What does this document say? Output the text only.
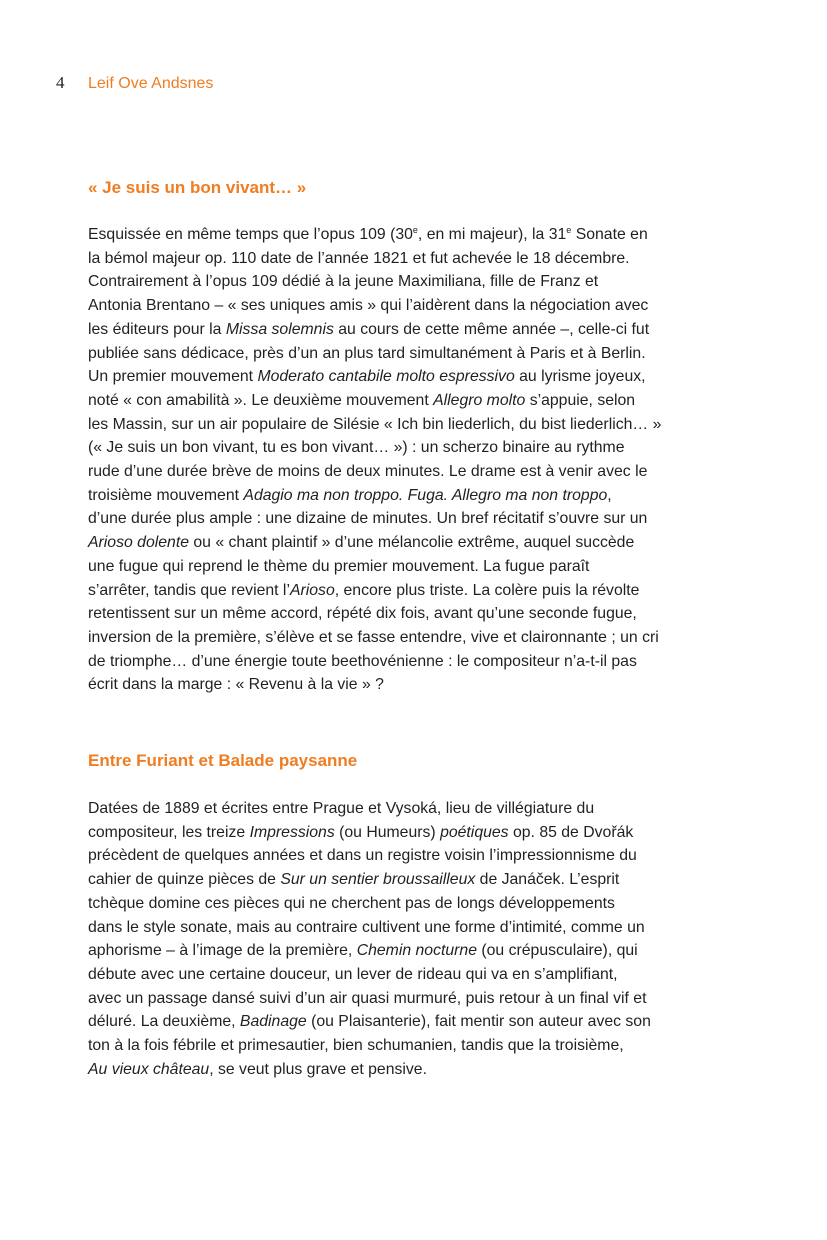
4 Leif Ove Andsnes
« Je suis un bon vivant… »
Esquissée en même temps que l’opus 109 (30e, en mi majeur), la 31e Sonate en
la bémol majeur op. 110 date de l’année 1821 et fut achevée le 18 décembre.
Contrairement à l’opus 109 dédié à la jeune Maximiliana, fille de Franz et
Antonia Brentano – « ses uniques amis » qui l’aidèrent dans la négociation avec
les éditeurs pour la Missa solemnis au cours de cette même année –, celle-ci fut
publiée sans dédicace, près d’un an plus tard simultanément à Paris et à Berlin.
Un premier mouvement Moderato cantabile molto espressivo au lyrisme joyeux,
noté « con amabilità ». Le deuxième mouvement Allegro molto s’appuie, selon
les Massin, sur un air populaire de Silésie « Ich bin liederlich, du bist liederlich… »
(« Je suis un bon vivant, tu es bon vivant… ») : un scherzo binaire au rythme
rude d’une durée brève de moins de deux minutes. Le drame est à venir avec le
troisième mouvement Adagio ma non troppo. Fuga. Allegro ma non troppo,
d’une durée plus ample : une dizaine de minutes. Un bref récitatif s’ouvre sur un
Arioso dolente ou « chant plaintif » d’une mélancolie extrême, auquel succède
une fugue qui reprend le thème du premier mouvement. La fugue paraît
s’arrêter, tandis que revient l’Arioso, encore plus triste. La colère puis la révolte
retentissent sur un même accord, répété dix fois, avant qu’une seconde fugue,
inversion de la première, s’élève et se fasse entendre, vive et claironnante ; un cri
de triomphe… d’une énergie toute beethovénienne : le compositeur n’a-t-il pas
écrit dans la marge : « Revenu à la vie » ?
Entre Furiant et Balade paysanne
Datées de 1889 et écrites entre Prague et Vysoká, lieu de villégiature du
compositeur, les treize Impressions (ou Humeurs) poétiques op. 85 de Dvořák
précèdent de quelques années et dans un registre voisin l’impressionnisme du
cahier de quinze pièces de Sur un sentier broussailleux de Janáček. L’esprit
tchèque domine ces pièces qui ne cherchent pas de longs développements
dans le style sonate, mais au contraire cultivent une forme d’intimité, comme un
aphorisme – à l’image de la première, Chemin nocturne (ou crépusculaire), qui
débute avec une certaine douceur, un lever de rideau qui va en s’amplifiant,
avec un passage dansé suivi d’un air quasi murmuré, puis retour à un final vif et
déluré. La deuxième, Badinage (ou Plaisanterie), fait mentir son auteur avec son
ton à la fois fébrile et primesautier, bien schumanien, tandis que la troisième,
Au vieux château, se veut plus grave et pensive.
